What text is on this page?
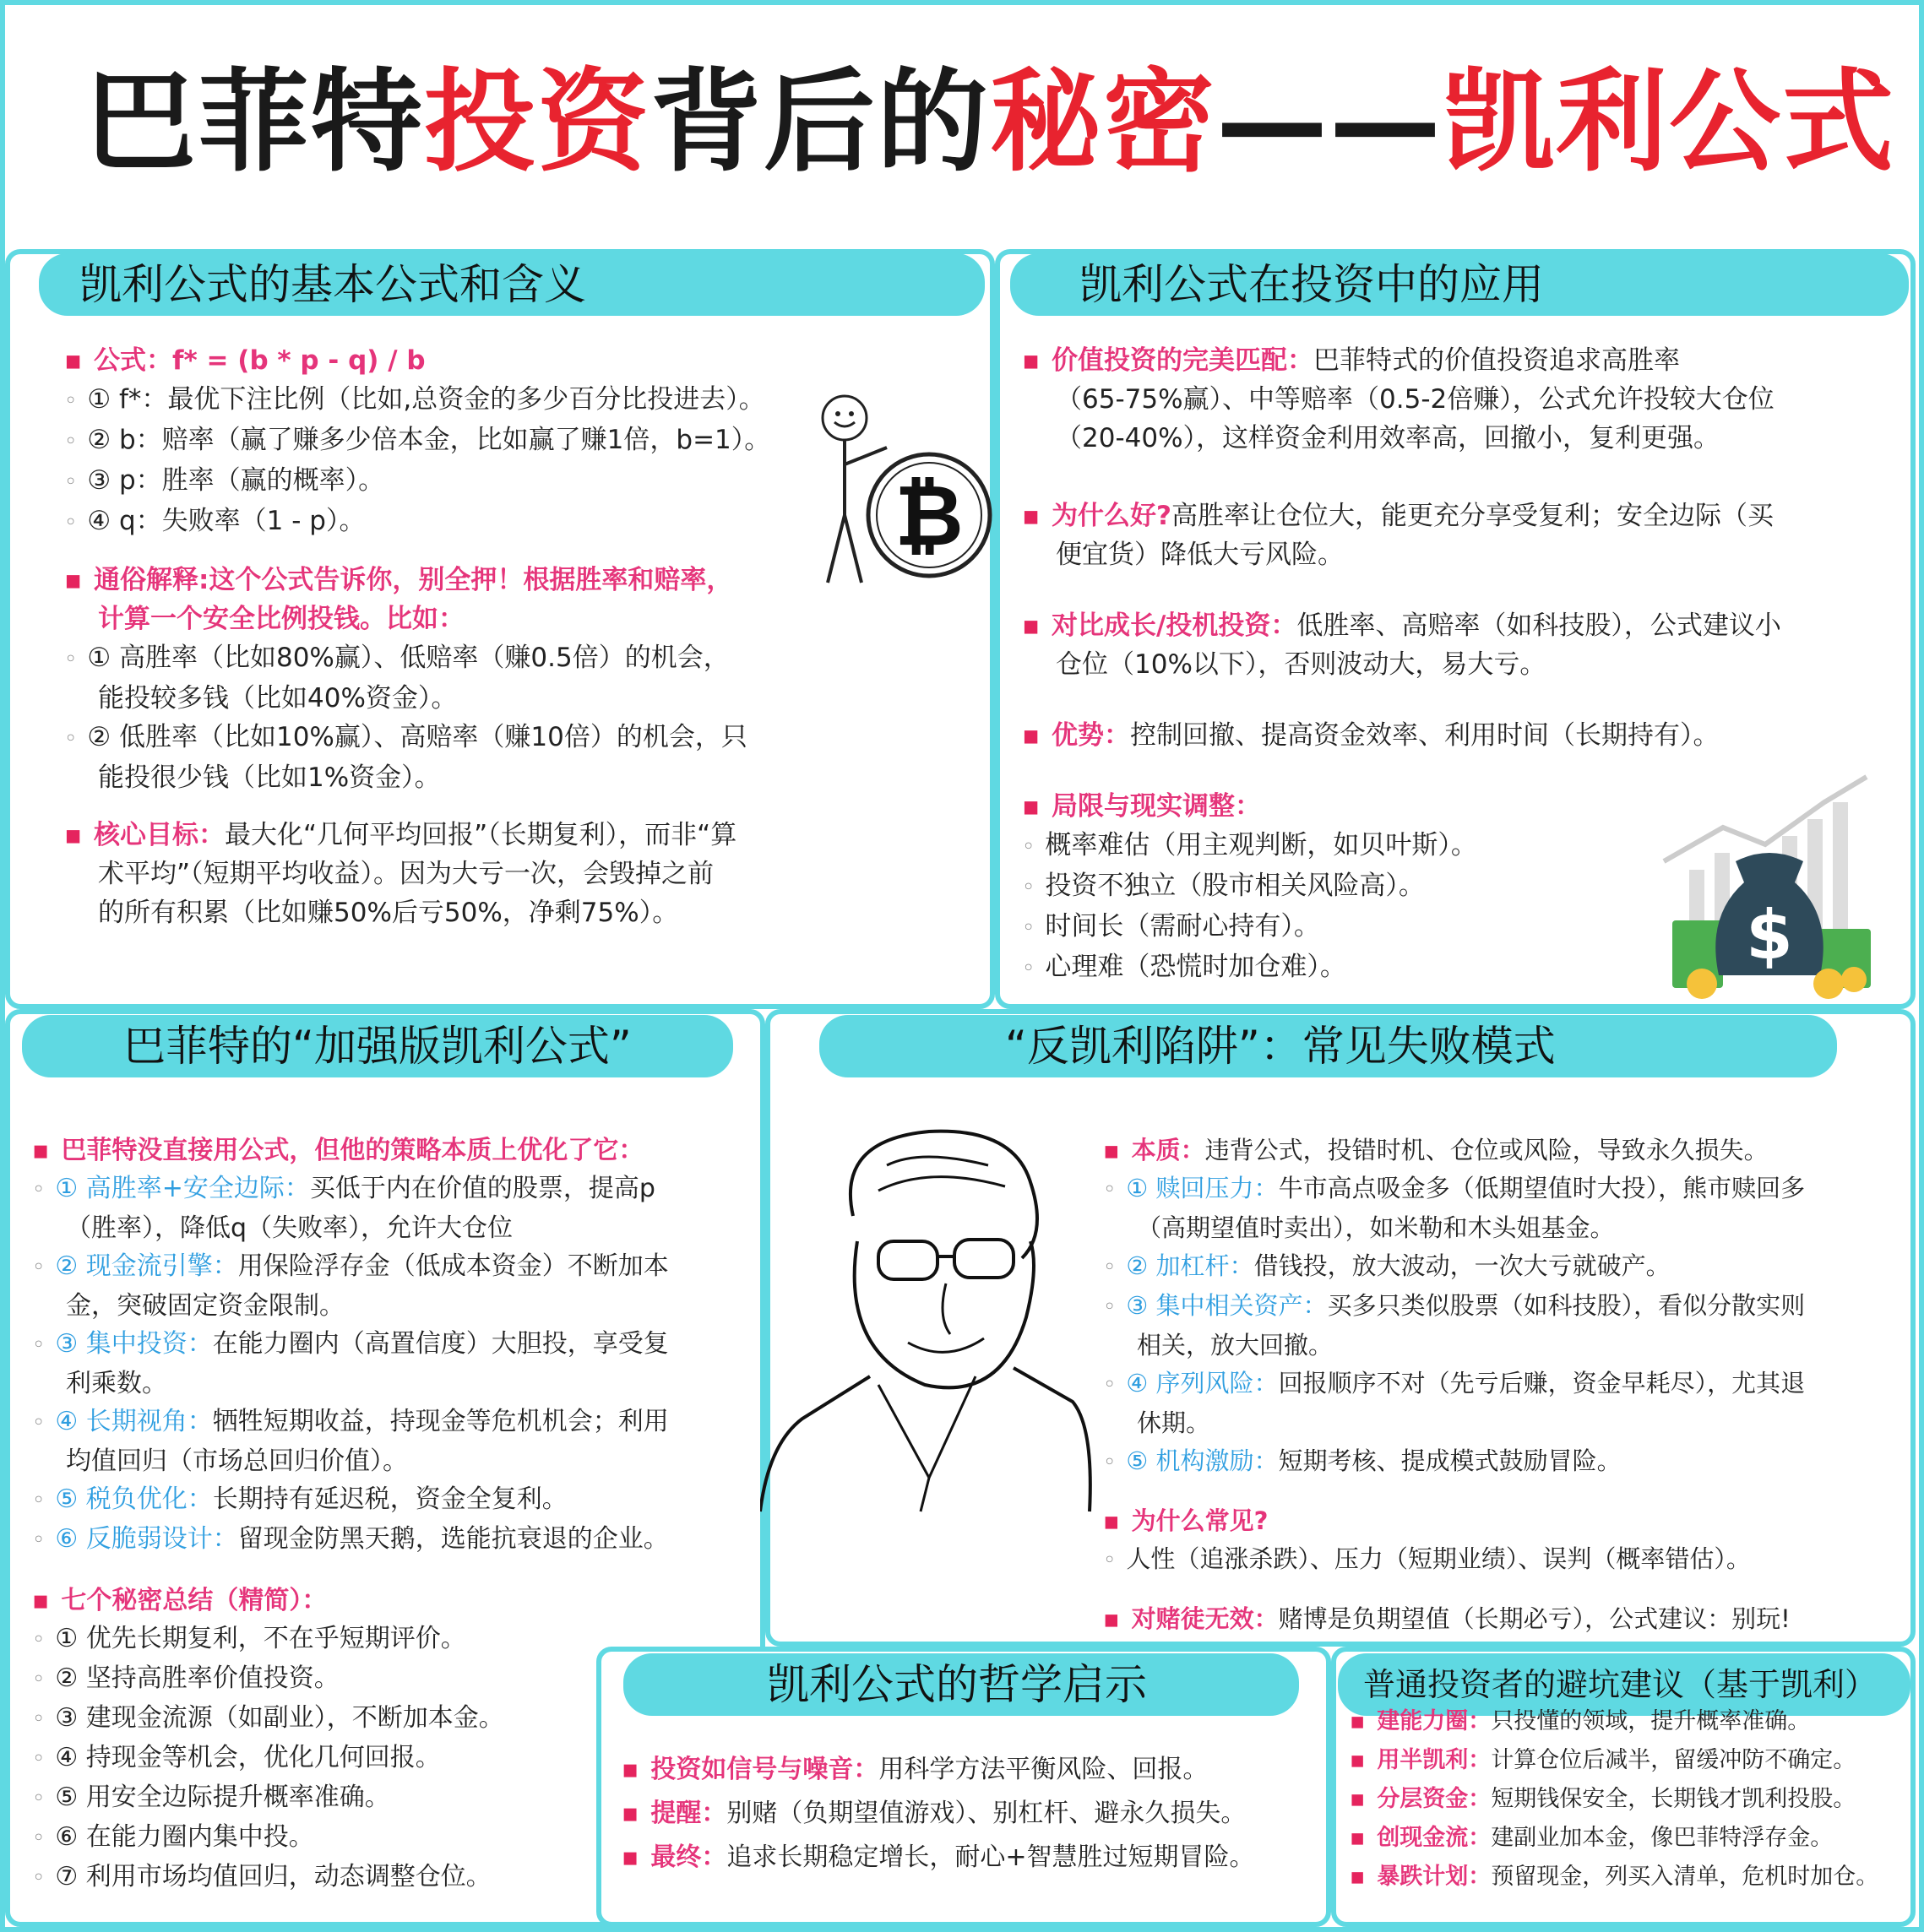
巴菲特投资背后的秘密——凯利公式
凯利公式的基本公式和含义
▪ 公式：f* = (b * p - q) / b
◦ ① f*：最优下注比例（比如,总资金的多少百分比投进去）。
◦ ② b：赔率（赢了赚多少倍本金，比如赢了赚1倍，b=1）。
◦ ③ p：胜率（赢的概率）。
◦ ④ q：失败率（1 - p）。
▪ 通俗解释:这个公式告诉你，别全押！根据胜率和赔率，
计算一个安全比例投钱。比如：
◦ ① 高胜率（比如80%赢）、低赔率（赚0.5倍）的机会，
能投较多钱（比如40%资金）。
◦ ② 低胜率（比如10%赢）、高赔率（赚10倍）的机会，只
能投很少钱（比如1%资金）。
▪ 核心目标：最大化“几何平均回报”（长期复利），而非“算
术平均”（短期平均收益）。因为大亏一次，会毁掉之前
的所有积累（比如赚50%后亏50%，净剩75%）。
₿
凯利公式在投资中的应用
▪ 价值投资的完美匹配：巴菲特式的价值投资追求高胜率
（65-75%赢）、中等赔率（0.5-2倍赚），公式允许投较大仓位
（20-40%），这样资金利用效率高，回撤小，复利更强。
▪ 为什么好?高胜率让仓位大，能更充分享受复利；安全边际（买
便宜货）降低大亏风险。
▪ 对比成长/投机投资：低胜率、高赔率（如科技股），公式建议小
仓位（10%以下），否则波动大，易大亏。
▪ 优势：控制回撤、提高资金效率、利用时间（长期持有）。
▪ 局限与现实调整：
◦ 概率难估（用主观判断，如贝叶斯）。
◦ 投资不独立（股市相关风险高）。
◦ 时间长（需耐心持有）。
◦ 心理难（恐慌时加仓难）。	$
巴菲特的“加强版凯利公式”
▪ 巴菲特没直接用公式，但他的策略本质上优化了它：
◦ ① 高胜率+安全边际：买低于内在价值的股票，提高p
（胜率），降低q（失败率），允许大仓位
◦ ② 现金流引擎：用保险浮存金（低成本资金）不断加本
金，突破固定资金限制。
◦ ③ 集中投资：在能力圈内（高置信度）大胆投，享受复
利乘数。
◦ ④ 长期视角：牺牲短期收益，持现金等危机机会；利用
均值回归（市场总回归价值）。
◦ ⑤ 税负优化：长期持有延迟税，资金全复利。
◦ ⑥ 反脆弱设计：留现金防黑天鹅，选能抗衰退的企业。
▪ 七个秘密总结（精简）：
◦ ① 优先长期复利，不在乎短期评价。
◦ ② 坚持高胜率价值投资。
◦ ③ 建现金流源（如副业），不断加本金。
◦ ④ 持现金等机会，优化几何回报。
◦ ⑤ 用安全边际提升概率准确。
◦ ⑥ 在能力圈内集中投。
◦ ⑦ 利用市场均值回归，动态调整仓位。
“反凯利陷阱”：常见失败模式
▪ 本质：违背公式，投错时机、仓位或风险，导致永久损失。
◦ ① 赎回压力：牛市高点吸金多（低期望值时大投），熊市赎回多
（高期望值时卖出），如米勒和木头姐基金。
◦ ② 加杠杆：借钱投，放大波动，一次大亏就破产。
◦ ③ 集中相关资产：买多只类似股票（如科技股），看似分散实则
相关，放大回撤。
◦ ④ 序列风险：回报顺序不对（先亏后赚，资金早耗尽），尤其退
休期。
◦ ⑤ 机构激励：短期考核、提成模式鼓励冒险。
▪ 为什么常见?
◦ 人性（追涨杀跌）、压力（短期业绩）、误判（概率错估）。
▪ 对赌徒无效：赌博是负期望值（长期必亏），公式建议：别玩!
凯利公式的哲学启示
▪ 投资如信号与噪音：用科学方法平衡风险、回报。
▪ 提醒：别赌（负期望值游戏）、别杠杆、避永久损失。
▪ 最终：追求长期稳定增长，耐心+智慧胜过短期冒险。
普通投资者的避坑建议（基于凯利）
▪ 建能力圈：只投懂的领域，提升概率准确。
▪ 用半凯利：计算仓位后减半，留缓冲防不确定。
▪ 分层资金：短期钱保安全，长期钱才凯利投股。
▪ 创现金流：建副业加本金，像巴菲特浮存金。
▪ 暴跌计划：预留现金，列买入清单，危机时加仓。
